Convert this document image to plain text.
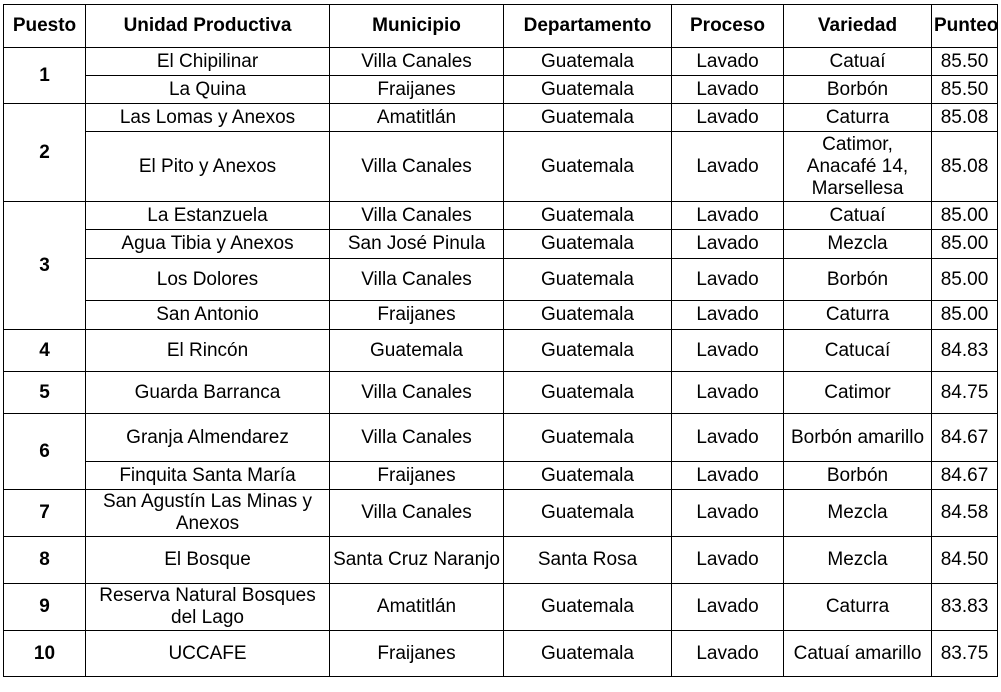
Puesto	Unidad Productiva	Municipio	Departamento	Proceso	Variedad	Punteo
1	El Chipilinar	Villa Canales	Guatemala	Lavado	Catuaí	85.50
	La Quina	Fraijanes	Guatemala	Lavado	Borbón	85.50
2	Las Lomas y Anexos	Amatitlán	Guatemala	Lavado	Caturra	85.08
	El Pito y Anexos	Villa Canales	Guatemala	Lavado	Catimor, Anacafé 14, Marsellesa	85.08
3	La Estanzuela	Villa Canales	Guatemala	Lavado	Catuaí	85.00
	Agua Tibia y Anexos	San José Pinula	Guatemala	Lavado	Mezcla	85.00
	Los Dolores	Villa Canales	Guatemala	Lavado	Borbón	85.00
	San Antonio	Fraijanes	Guatemala	Lavado	Caturra	85.00
4	El Rincón	Guatemala	Guatemala	Lavado	Catucaí	84.83
5	Guarda Barranca	Villa Canales	Guatemala	Lavado	Catimor	84.75
6	Granja Almendarez	Villa Canales	Guatemala	Lavado	Borbón amarillo	84.67
	Finquita Santa María	Fraijanes	Guatemala	Lavado	Borbón	84.67
7	San Agustín Las Minas y Anexos	Villa Canales	Guatemala	Lavado	Mezcla	84.58
8	El Bosque	Santa Cruz Naranjo	Santa Rosa	Lavado	Mezcla	84.50
9	Reserva Natural Bosques del Lago	Amatitlán	Guatemala	Lavado	Caturra	83.83
10	UCCAFE	Fraijanes	Guatemala	Lavado	Catuaí amarillo	83.75
